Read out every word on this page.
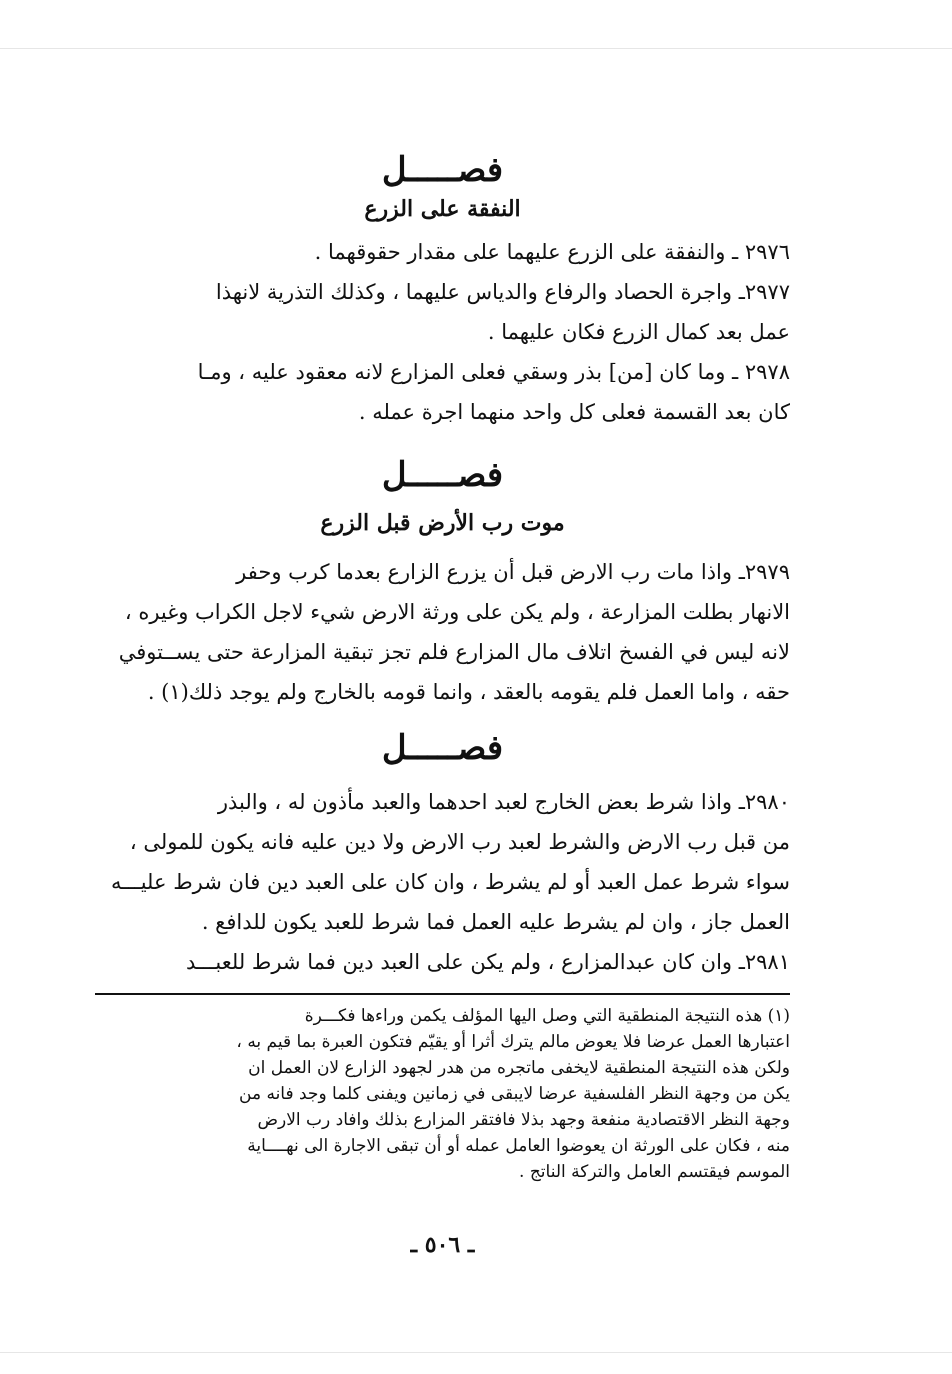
فصـــــل
النفقة على الزرع
٢٩٧٦ ـ والنفقة على الزرع عليهما على مقدار حقوقهما .
٢٩٧٧ـ واجرة الحصاد والرفاع والدياس عليهما ، وكذلك التذرية لانهذا
عمل بعد كمال الزرع فكان عليهما .
٢٩٧٨ ـ وما كان [من] بذر وسقي فعلى المزارع لانه معقود عليه ، ومـا
كان بعد القسمة فعلى كل واحد منهما اجرة عمله .
فصـــــل
موت رب الأرض قبل الزرع
٢٩٧٩ـ واذا مات رب الارض قبل أن يزرع الزارع بعدما كرب وحفر
الانهار بطلت المزارعة ، ولم يكن على ورثة الارض شيء لاجل الكراب وغيره ،
لانه ليس في الفسخ اتلاف مال المزارع فلم تجز تبقية المزارعة حتى يســتوفي
حقه ، واما العمل فلم يقومه بالعقد ، وانما قومه بالخارج ولم يوجد ذلك(١) .
فصـــــل
٢٩٨٠ـ واذا شرط بعض الخارج لعبد احدهما والعبد مأذون له ، والبذر
من قبل رب الارض والشرط لعبد رب الارض ولا دين عليه فانه يكون للمولى ،
سواء شرط عمل العبد أو لم يشرط ، وان كان على العبد دين فان شرط عليـــه
العمل جاز ، وان لم يشرط عليه العمل فما شرط للعبد يكون للدافع .
٢٩٨١ـ وان كان عبدالمزارع ، ولم يكن على العبد دين فما شرط للعبـــد
(١) هذه النتيجة المنطقية التي وصل اليها المؤلف يكمن وراءها فكـــرة
اعتبارها العمل عرضا فلا يعوض مالم يترك أثرا أو يقيّم فتكون العبرة بما قيم به ،
ولكن هذه النتيجة المنطقية لايخفى ماتجره من هدر لجهود الزارع لان العمل ان
يكن من وجهة النظر الفلسفية عرضا لايبقى في زمانين ويفنى كلما وجد فانه من
وجهة النظر الاقتصادية منفعة وجهد بذلا فافتقر المزارع بذلك وافاد رب الارض
منه ، فكان على الورثة ان يعوضوا العامل عمله أو أن تبقى الاجارة الى نهــــاية
الموسم فيقتسم العامل والتركة الناتج .
ـ ٥٠٦ ـ
